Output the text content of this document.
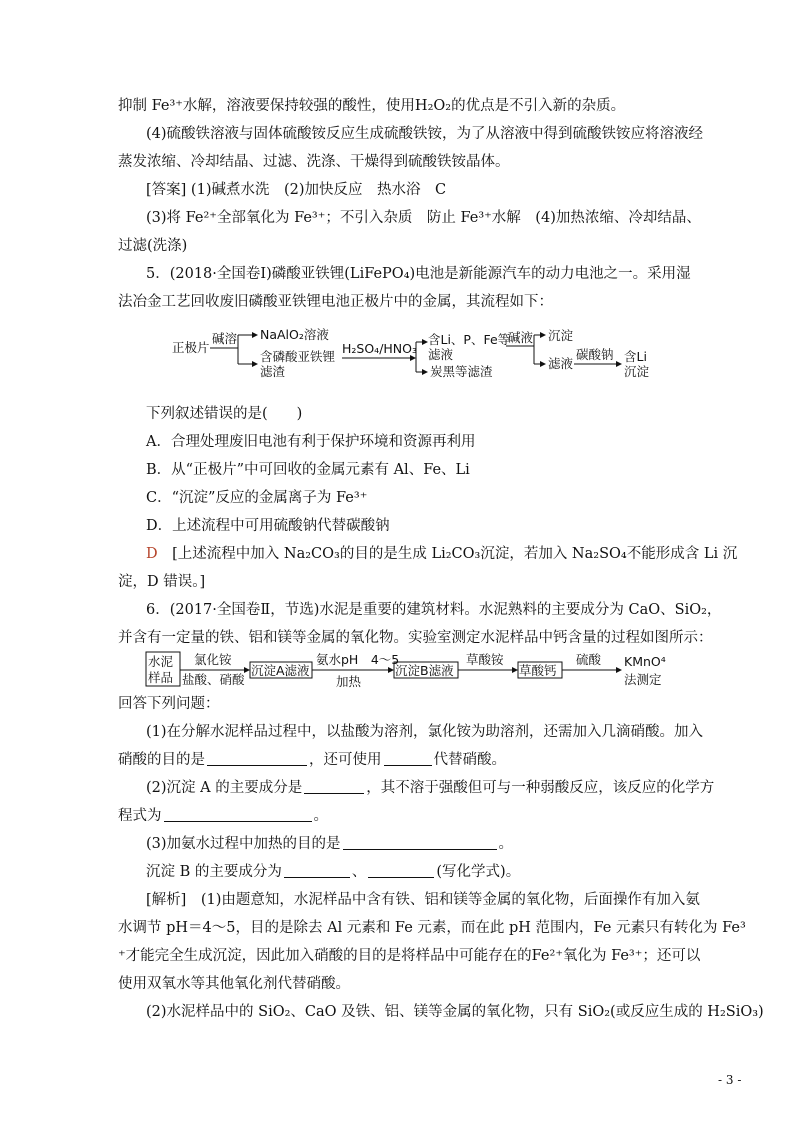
抑制 Fe³⁺水解，溶液要保持较强的酸性，使用H₂O₂的优点是不引入新的杂质。
(4)硫酸铁溶液与固体硫酸铵反应生成硫酸铁铵，为了从溶液中得到硫酸铁铵应将溶液经
蒸发浓缩、冷却结晶、过滤、洗涤、干燥得到硫酸铁铵晶体。
[答案] (1)碱煮水洗　(2)加快反应　热水浴　C
(3)将 Fe²⁺全部氧化为 Fe³⁺；不引入杂质　防止 Fe³⁺水解　(4)加热浓缩、冷却结晶、
过滤(洗涤)
5．(2018·全国卷Ⅰ)磷酸亚铁锂(LiFePO₄)电池是新能源汽车的动力电池之一。采用湿
法冶金工艺回收废旧磷酸亚铁锂电池正极片中的金属，其流程如下：
正极片
碱溶 NaAlO₂溶液
含磷酸亚铁锂
滤渣
H₂SO₄/HNO₃
含Li、P、Fe等
滤液
炭黑等滤渣
碱液 沉淀
滤液
碳酸钠 含Li
沉淀
下列叙述错误的是(　　)
A．合理处理废旧电池有利于保护环境和资源再利用
B．从“正极片”中可回收的金属元素有 Al、Fe、Li
C．“沉淀”反应的金属离子为 Fe³⁺
D．上述流程中可用硫酸钠代替碳酸钠
D　[上述流程中加入 Na₂CO₃的目的是生成 Li₂CO₃沉淀，若加入 Na₂SO₄不能形成含 Li 沉
淀，D 错误。]
6．(2017·全国卷Ⅱ，节选)水泥是重要的建筑材料。水泥熟料的主要成分为 CaO、SiO₂，
并含有一定量的铁、铝和镁等金属的氧化物。实验室测定水泥样品中钙含量的过程如图所示：
水泥
样品
氯化铵
盐酸、硝酸
沉淀A滤液
氨水pH　4～5
加热
沉淀B滤液
草酸铵
草酸钙
硫酸 KMnO⁴
法测定
回答下列问题：
(1)在分解水泥样品过程中，以盐酸为溶剂，氯化铵为助溶剂，还需加入几滴硝酸。加入
硝酸的目的是	，还可使用	代替硝酸。
(2)沉淀 A 的主要成分是	，其不溶于强酸但可与一种弱酸反应，该反应的化学方
程式为	。
(3)加氨水过程中加热的目的是	。
沉淀 B 的主要成分为	、	(写化学式)。
[解析]　(1)由题意知，水泥样品中含有铁、铝和镁等金属的氧化物，后面操作有加入氨
水调节 pH＝4～5，目的是除去 Al 元素和 Fe 元素，而在此 pH 范围内，Fe 元素只有转化为 Fe³
⁺才能完全生成沉淀，因此加入硝酸的目的是将样品中可能存在的Fe²⁺氧化为 Fe³⁺；还可以
使用双氧水等其他氧化剂代替硝酸。
(2)水泥样品中的 SiO₂、CaO 及铁、铝、镁等金属的氧化物，只有 SiO₂(或反应生成的 H₂SiO₃)
- 3 -
